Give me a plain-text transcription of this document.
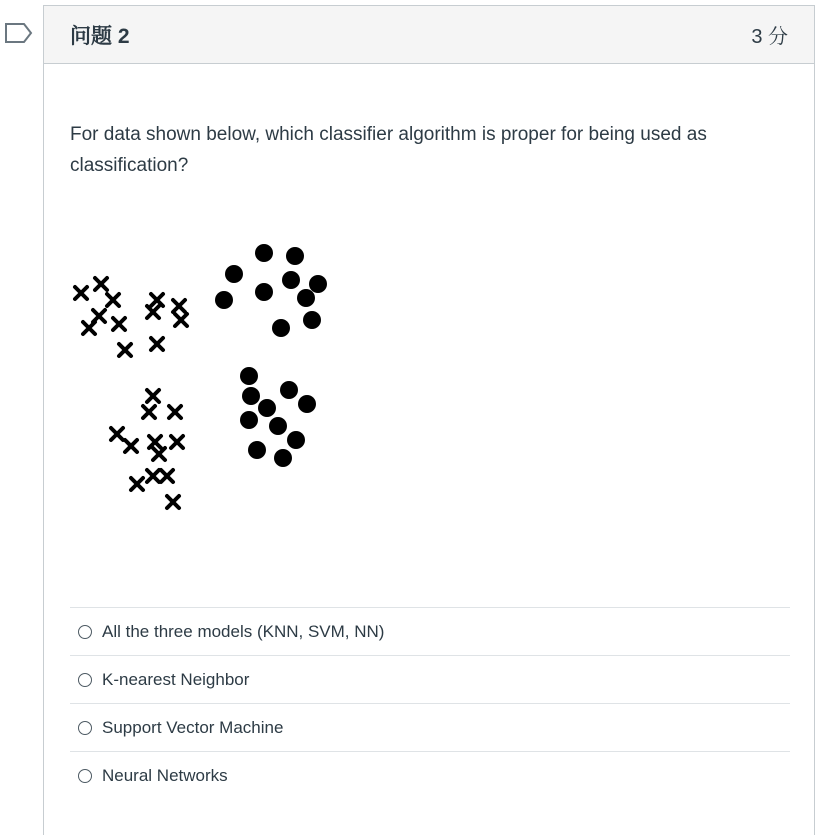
问题 2	3 分
For data shown below, which classifier algorithm is proper for being used as classification?
All the three models (KNN, SVM, NN)
K-nearest Neighbor
Support Vector Machine
Neural Networks
